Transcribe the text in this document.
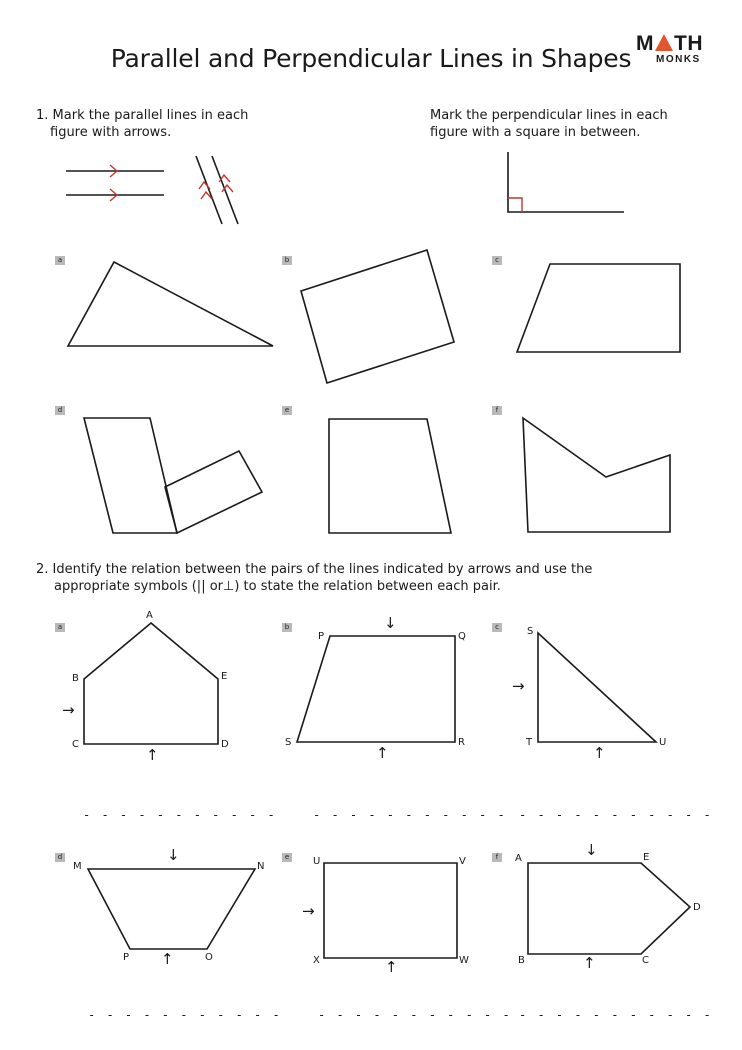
Parallel and Perpendicular Lines in Shapes
M TH
MONKS
1. Mark the parallel lines in each
figure with arrows.
Mark the perpendicular lines in each
figure with a square in between.
a	b	c
d	e	f
2. Identify the relation between the pairs of the lines indicated by arrows and use the
appropriate symbols (|| or⊥) to state the relation between each pair.
a	b	c
d	e	f
A
B
C	D
E
→
↑
- - - - - - - - - - -
P	Q
R
S
↓
↑
- - - - - - - - - - -
S
T	U
→
↑
- - - - - - - - - - -
M	N
O
P
↓
↑
- - - - - - - - - - -
U	V
W
X
→
↑
- - - - - - - - - - -
A
B	C
D
E
↓
↑
- - - - - - - - - - -
